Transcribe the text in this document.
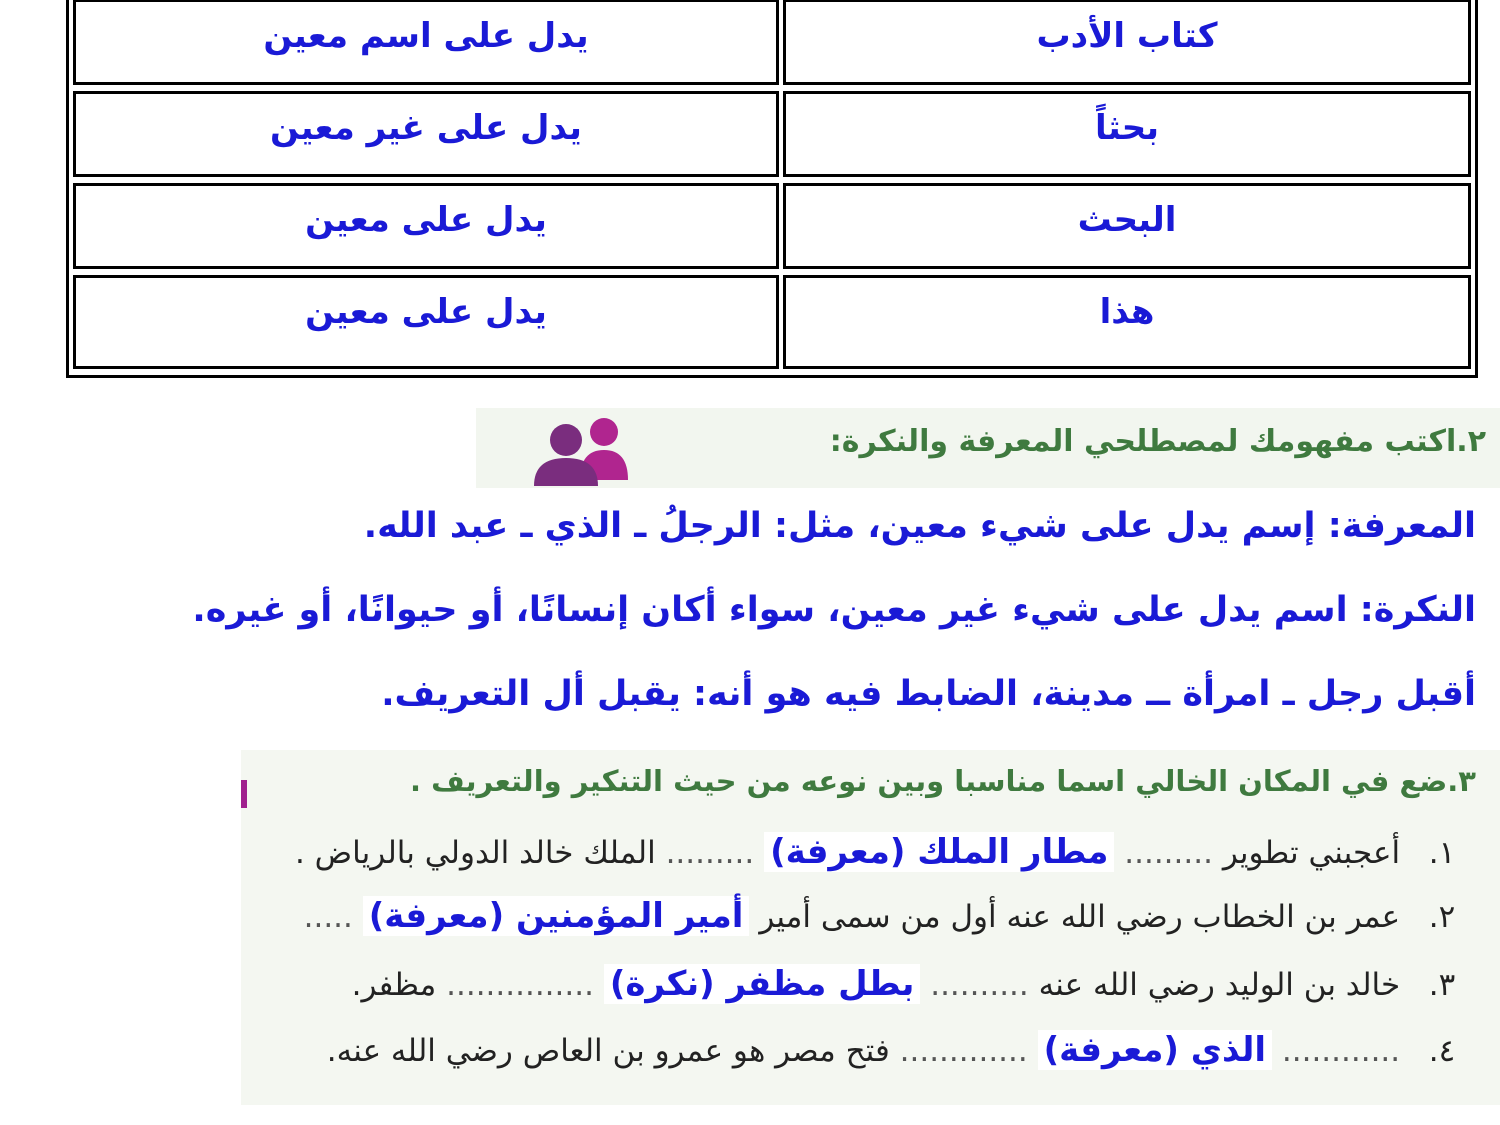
كتاب الأدب
يدل على اسم معين
بحثاً
يدل على غير معين
البحث
يدل على معين
هذا
يدل على معين
٢.اكتب مفهومك لمصطلحي المعرفة والنكرة:
المعرفة: إسم يدل على شيء معين، مثل: الرجلُ ـ الذي ـ عبد الله.
النكرة: اسم يدل على شيء غير معين، سواء أكان إنسانًا، أو حيوانًا، أو غيره.
أقبل رجل ـ امرأة ــ مدينة، الضابط فيه هو أنه: يقبل أل التعريف.
٣.ضع في المكان الخالي اسما مناسبا وبين نوعه من حيث التنكير والتعريف .
١. أعجبني تطوير ......... مطار الملك (معرفة) ......... الملك خالد الدولي بالرياض .
٢. عمر بن الخطاب رضي الله عنه أول من سمى أمير أمير المؤمنين (معرفة) .....
٣. خالد بن الوليد رضي الله عنه .......... بطل مظفر (نكرة) ............... مظفر.
٤. ............ الذي (معرفة) ............. فتح مصر هو عمرو بن العاص رضي الله عنه.
